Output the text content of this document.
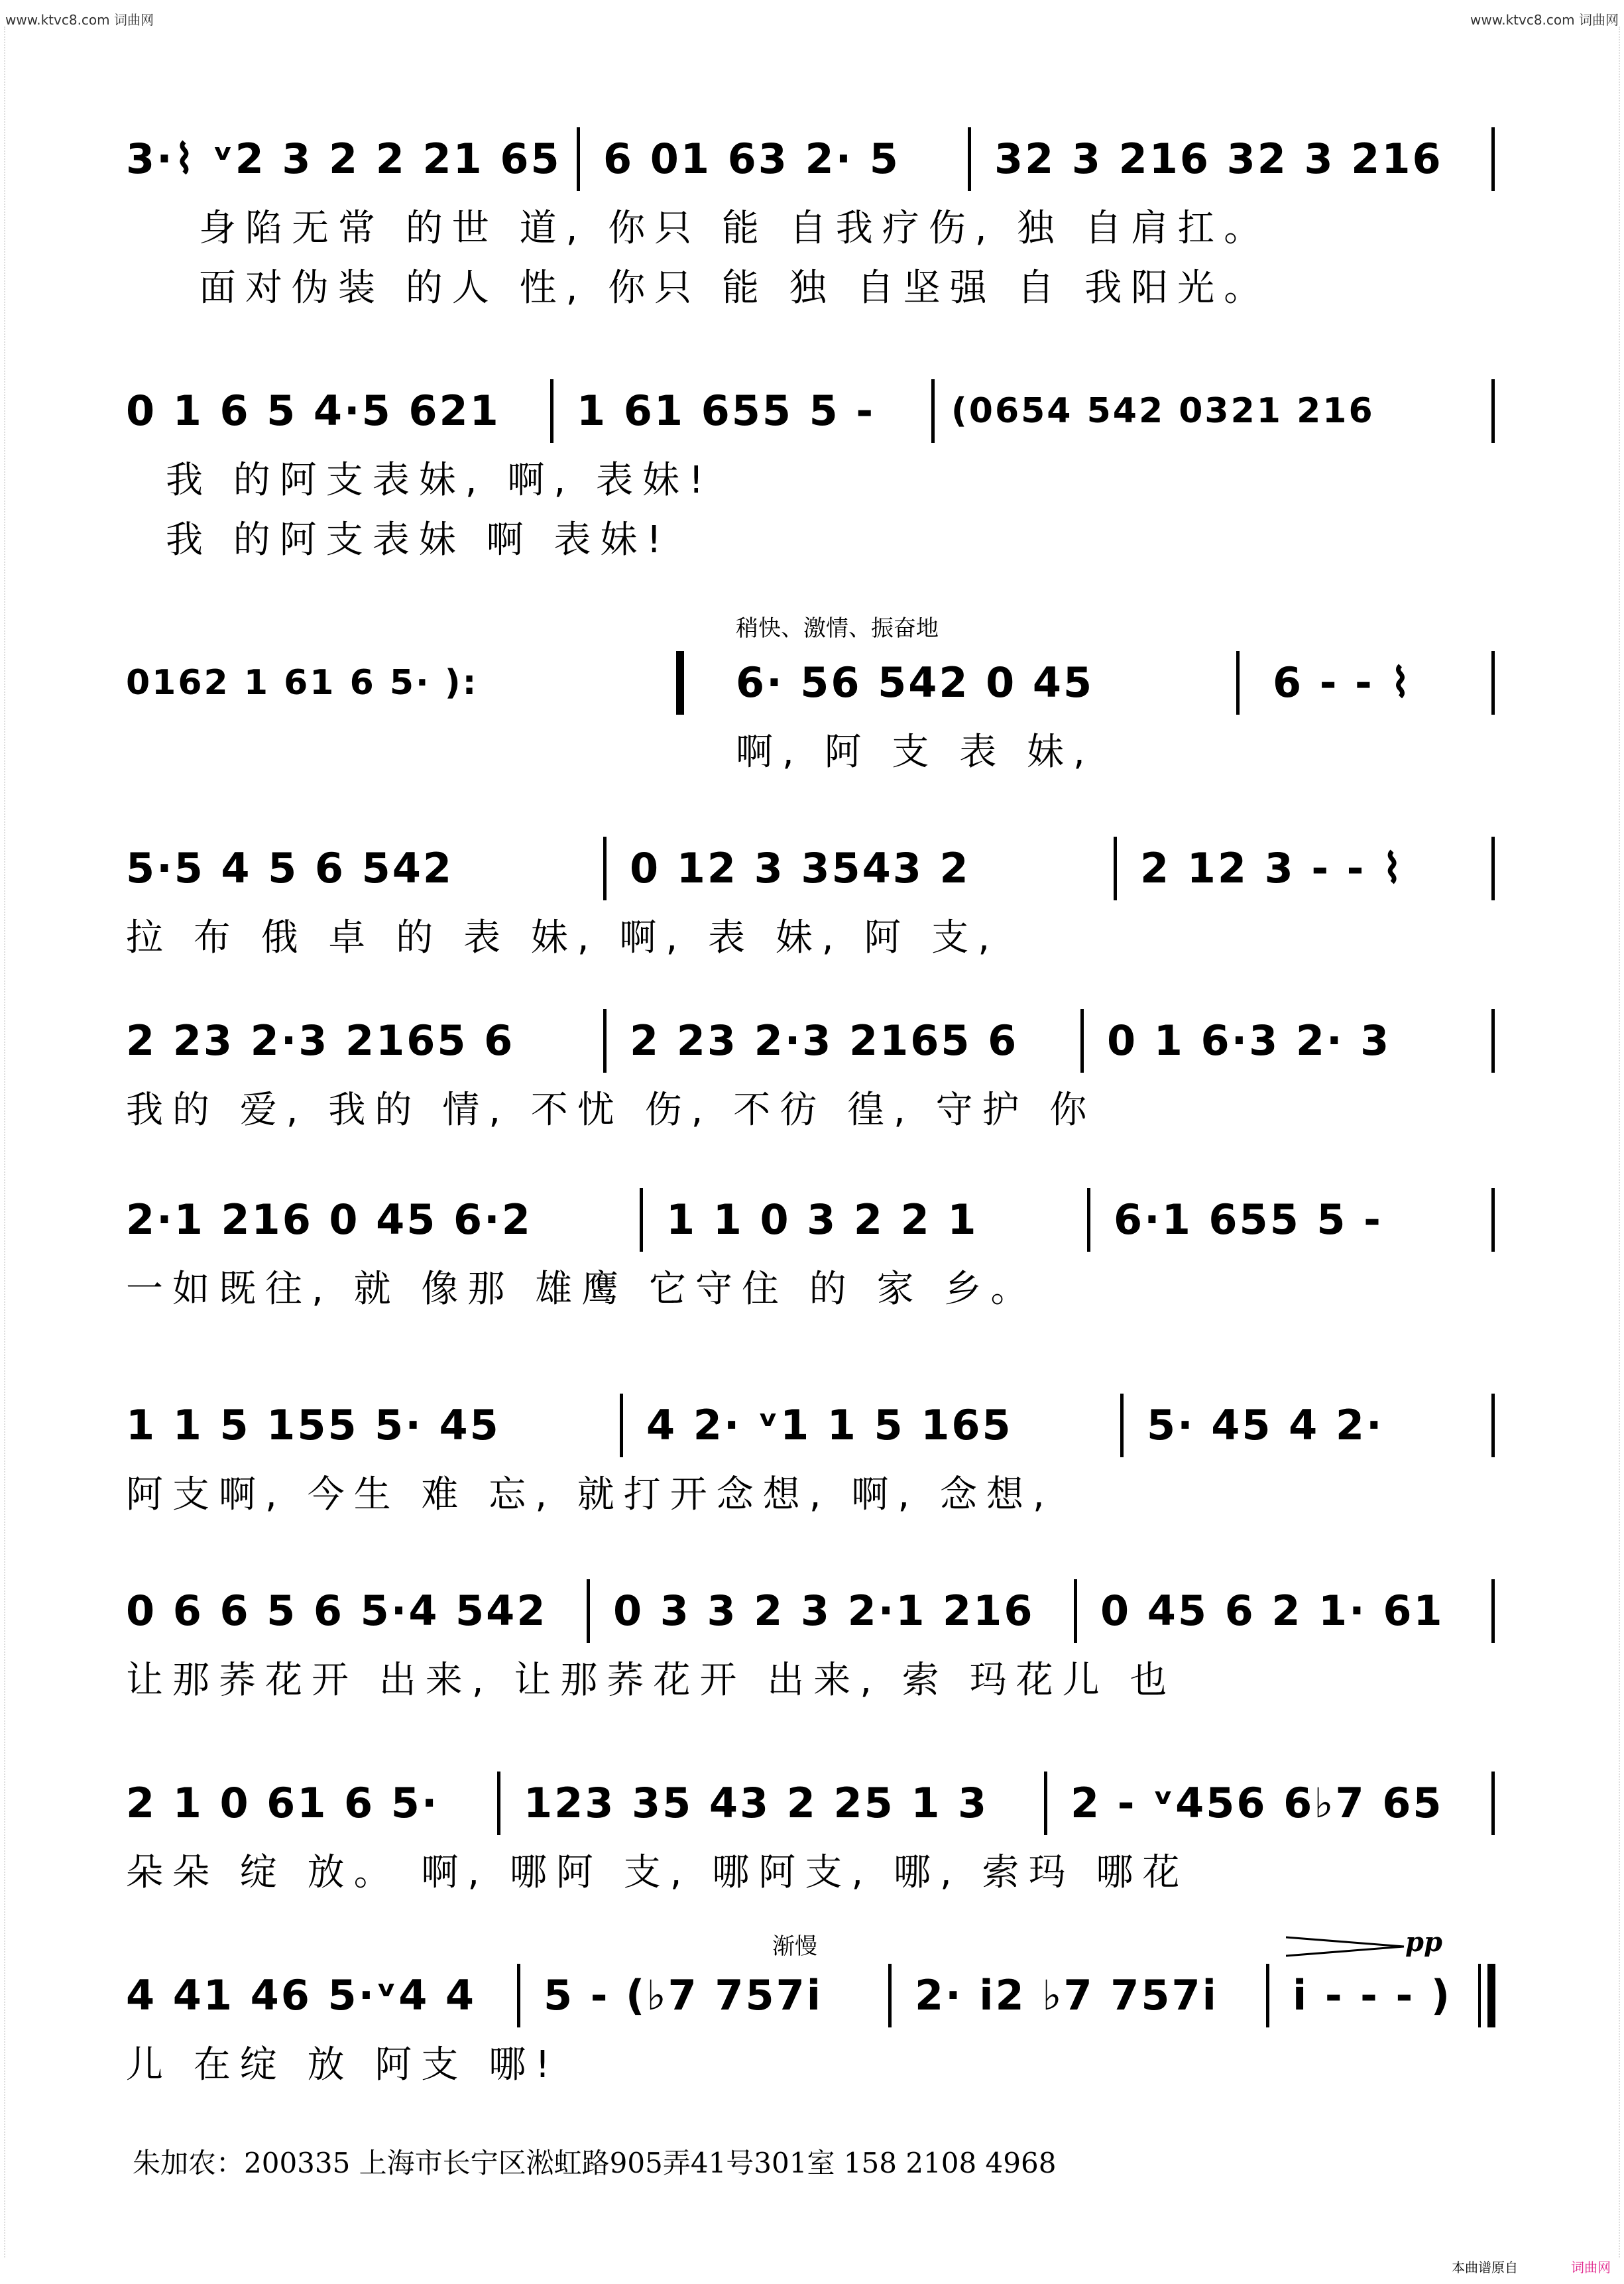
www.ktvc8.com 词曲网	www.ktvc8.com 词曲网
3·⌇ ᵛ2 3 2 2 21 65 6 01 63 2· 5 32 3 216 32 3 216
身陷无常 的世 道, 你只 能 自我疗伤, 独 自肩扛。
面对伪装 的人 性, 你只 能 独 自坚强 自 我阳光。
0 1 6 5 4·5 621 1 61 655 5 - (0654 542 0321 216
我 的阿支表妹, 啊, 表妹!
我 的阿支表妹 啊 表妹!
稍快、激情、振奋地
0162 1 61 6 5· ):	6· 56 542 0 45	6 - - ⌇
啊, 阿 支 表 妹,
5·5 4 5 6 542	0 12 3 3543 2	2 12 3 - - ⌇
拉 布 俄 卓 的 表 妹, 啊, 表 妹, 阿 支,
2 23 2·3 2165 6	2 23 2·3 2165 6 0 1 6·3 2· 3
我的 爱, 我的 情, 不忧 伤, 不彷 徨, 守护 你
2·1 216 0 45 6·2	1 1 0 3 2 2 1	6·1 655 5 -
一如既往, 就 像那 雄鹰 它守住 的 家 乡。
1 1 5 155 5· 45	4 2· ᵛ1 1 5 165	5· 45 4 2·
阿支啊, 今生 难 忘, 就打开念想, 啊, 念想,
0 6 6 5 6 5·4 542 0 3 3 2 3 2·1 216 0 45 6 2 1· 61
让那荞花开 出来, 让那荞花开 出来, 索 玛花儿 也
2 1 0 61 6 5· 123 35 43 2 25 1 3 2 - ᵛ456 6♭7 65
朵朵 绽 放。 啊, 哪阿 支, 哪阿支, 哪, 索玛 哪花
渐慢	pp
4 41 46 5·ᵛ4 4 5 - (♭7 757i 2· i2 ♭7 757i i - - - )
儿 在绽 放 阿支 哪!
朱加农：200335 上海市长宁区淞虹路905弄41号301室 158 2108 4968
本曲谱原自	词曲网
